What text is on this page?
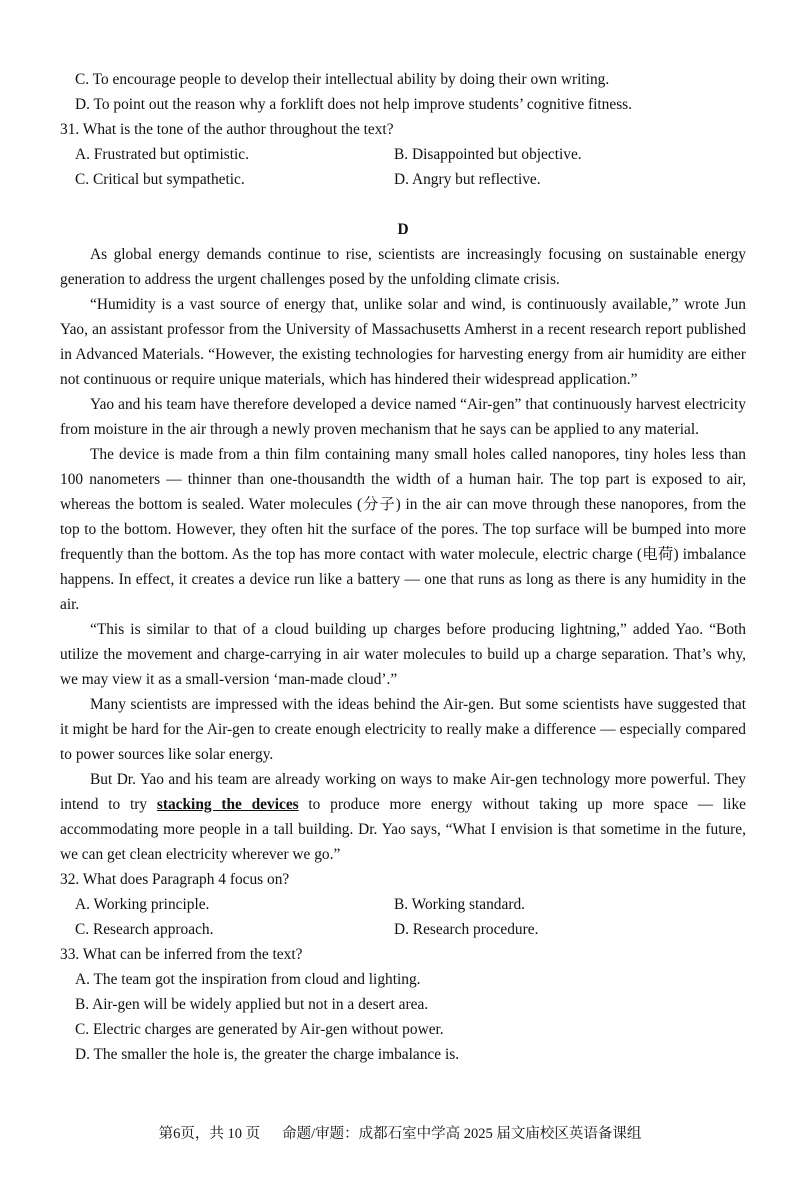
C. To encourage people to develop their intellectual ability by doing their own writing.
D. To point out the reason why a forklift does not help improve students’ cognitive fitness.
31. What is the tone of the author throughout the text?
A. Frustrated but optimistic.	B. Disappointed but objective.
C. Critical but sympathetic.	D. Angry but reflective.
D
As global energy demands continue to rise, scientists are increasingly focusing on sustainable energy generation to address the urgent challenges posed by the unfolding climate crisis.
“Humidity is a vast source of energy that, unlike solar and wind, is continuously available,” wrote Jun Yao, an assistant professor from the University of Massachusetts Amherst in a recent research report published in Advanced Materials. “However, the existing technologies for harvesting energy from air humidity are either not continuous or require unique materials, which has hindered their widespread application.”
Yao and his team have therefore developed a device named “Air-gen” that continuously harvest electricity from moisture in the air through a newly proven mechanism that he says can be applied to any material.
The device is made from a thin film containing many small holes called nanopores, tiny holes less than 100 nanometers — thinner than one-thousandth the width of a human hair. The top part is exposed to air, whereas the bottom is sealed. Water molecules (分子) in the air can move through these nanopores, from the top to the bottom. However, they often hit the surface of the pores. The top surface will be bumped into more frequently than the bottom. As the top has more contact with water molecule, electric charge (电荷) imbalance happens. In effect, it creates a device run like a battery — one that runs as long as there is any humidity in the air.
“This is similar to that of a cloud building up charges before producing lightning,” added Yao. “Both utilize the movement and charge-carrying in air water molecules to build up a charge separation. That’s why, we may view it as a small-version ‘man-made cloud’.”
Many scientists are impressed with the ideas behind the Air-gen. But some scientists have suggested that it might be hard for the Air-gen to create enough electricity to really make a difference — especially compared to power sources like solar energy.
But Dr. Yao and his team are already working on ways to make Air-gen technology more powerful. They intend to try stacking the devices to produce more energy without taking up more space — like accommodating more people in a tall building. Dr. Yao says, “What I envision is that sometime in the future, we can get clean electricity wherever we go.”
32. What does Paragraph 4 focus on?
A. Working principle.	B. Working standard.
C. Research approach.	D. Research procedure.
33. What can be inferred from the text?
A. The team got the inspiration from cloud and lighting.
B. Air-gen will be widely applied but not in a desert area.
C. Electric charges are generated by Air-gen without power.
D. The smaller the hole is, the greater the charge imbalance is.
第6页，共 10 页 命题/审题：成都石室中学高 2025 届文庙校区英语备课组
